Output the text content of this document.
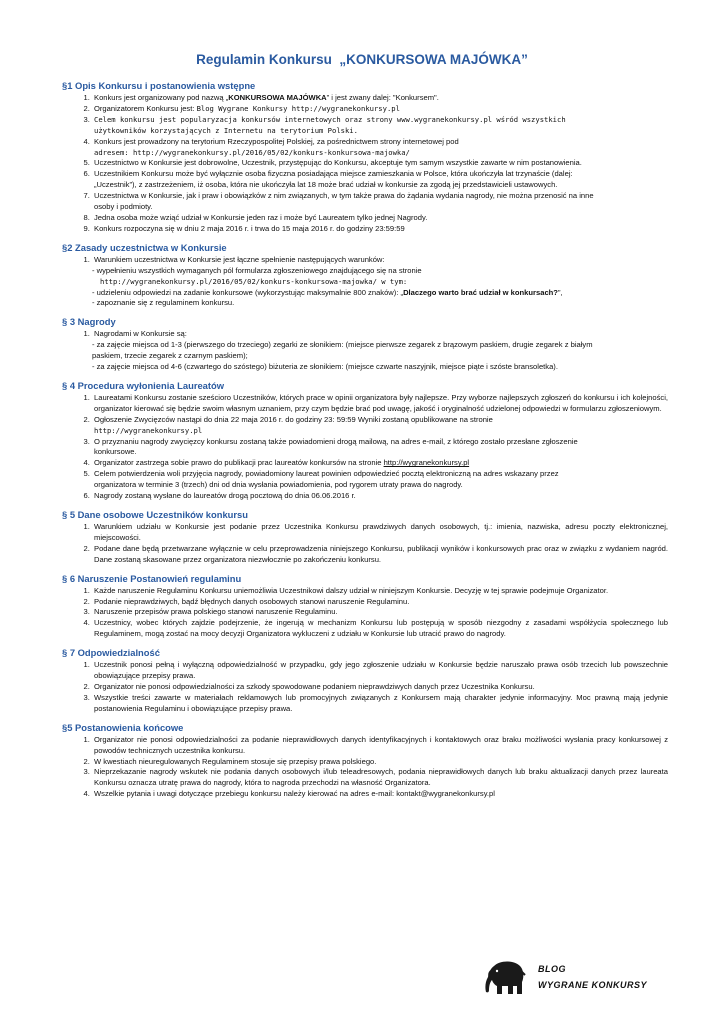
Regulamin Konkursu „KONKURSOWA MAJÓWKA”
§1 Opis Konkursu i postanowienia wstępne
1. Konkurs jest organizowany pod nazwą „KONKURSOWA MAJÓWKA” i jest zwany dalej: "Konkursem".
2. Organizatorem Konkursu jest: Blog Wygrane Konkursy http://wygranekonkursy.pl
3. Celem konkursu jest popularyzacja konkursów internetowych oraz strony www.wygranekonkursy.pl wśród wszystkich
użytkowników korzystających z Internetu na terytorium Polski.
4. Konkurs jest prowadzony na terytorium Rzeczypospolitej Polskiej, za pośrednictwem strony internetowej pod
adresem: http://wygranekonkursy.pl/2016/05/02/konkurs-konkursowa-majowka/
5. Uczestnictwo w Konkursie jest dobrowolne, Uczestnik, przystępując do Konkursu, akceptuje tym samym wszystkie zawarte w nim postanowienia.
6. Uczestnikiem Konkursu może być wyłącznie osoba fizyczna posiadająca miejsce zamieszkania w Polsce, która ukończyła lat trzynaście (dalej:
„Uczestnik”), z zastrzeżeniem, iż osoba, która nie ukończyła lat 18 może brać udział w konkursie za zgodą jej przedstawicieli ustawowych.
7. Uczestnictwa w Konkursie, jak i praw i obowiązków z nim związanych, w tym także prawa do żądania wydania nagrody, nie można przenosić na inne
osoby i podmioty.
8. Jedna osoba może wziąć udział w Konkursie jeden raz i może być Laureatem tylko jednej Nagrody.
9. Konkurs rozpoczyna się w dniu 2 maja 2016 r. i trwa do 15 maja 2016 r. do godziny 23:59:59
§2 Zasady uczestnictwa w Konkursie
1. Warunkiem uczestnictwa w Konkursie jest łączne spełnienie następujących warunków:
- wypełnieniu wszystkich wymaganych pól formularza zgłoszeniowego znajdującego się na stronie
http://wygranekonkursy.pl/2016/05/02/konkurs-konkursowa-majowka/ w tym:
- udzieleniu odpowiedzi na zadanie konkursowe (wykorzystując maksymalnie 800 znaków): „Dlaczego warto brać udział w konkursach?”,
- zapoznanie się z regulaminem konkursu.
§ 3 Nagrody
1. Nagrodami w Konkursie są:
- za zajęcie miejsca od 1-3 (pierwszego do trzeciego) zegarki ze słonikiem: (miejsce pierwsze zegarek z brązowym paskiem, drugie zegarek z białym
paskiem, trzecie zegarek z czarnym paskiem);
- za zajęcie miejsca od 4-6 (czwartego do szóstego) biżuteria ze słonikiem: (miejsce czwarte naszyjnik, miejsce piąte i szóste bransoletka).
§ 4 Procedura wyłonienia Laureatów
1. Laureatami Konkursu zostanie sześcioro Uczestników, których prace w opinii organizatora były najlepsze. Przy wyborze najlepszych zgłoszeń do konkursu i ich kolejności, organizator kierować się będzie swoim własnym uznaniem, przy czym będzie brać pod uwagę, jakość i oryginalność udzielonej odpowiedzi w formularzu zgłoszeniowym.
2. Ogłoszenie Zwycięzców nastąpi do dnia 22 maja 2016 r. do godziny 23: 59:59 Wyniki zostaną opublikowane na stronie
http://wygranekonkursy.pl
3. O przyznaniu nagrody zwycięzcy konkursu zostaną także powiadomieni drogą mailową, na adres e-mail, z którego zostało przesłane zgłoszenie
konkursowe.
4. Organizator zastrzega sobie prawo do publikacji prac laureatów konkursów na stronie http://wygranekonkursy.pl
5. Celem potwierdzenia woli przyjęcia nagrody, powiadomiony laureat powinien odpowiedzieć pocztą elektroniczną na adres wskazany przez
organizatora w terminie 3 (trzech) dni od dnia wysłania powiadomienia, pod rygorem utraty prawa do nagrody.
6. Nagrody zostaną wysłane do laureatów drogą pocztową do dnia 06.06.2016 r.
§ 5 Dane osobowe Uczestników konkursu
1. Warunkiem udziału w Konkursie jest podanie przez Uczestnika Konkursu prawdziwych danych osobowych, tj.: imienia, nazwiska, adresu poczty elektronicznej, miejscowości.
2. Podane dane będą przetwarzane wyłącznie w celu przeprowadzenia niniejszego Konkursu, publikacji wyników i konkursowych prac oraz w związku z wydaniem nagród. Dane zostaną skasowane przez organizatora niezwłocznie po zakończeniu konkursu.
§ 6 Naruszenie Postanowień regulaminu
1. Każde naruszenie Regulaminu Konkursu uniemożliwia Uczestnikowi dalszy udział w niniejszym Konkursie. Decyzję w tej sprawie podejmuje Organizator.
2. Podanie nieprawdziwych, bądź błędnych danych osobowych stanowi naruszenie Regulaminu.
3. Naruszenie przepisów prawa polskiego stanowi naruszenie Regulaminu.
4. Uczestnicy, wobec których zajdzie podejrzenie, że ingerują w mechanizm Konkursu lub postępują w sposób niezgodny z zasadami współżycia społecznego lub Regulaminem, mogą zostać na mocy decyzji Organizatora wykluczeni z udziału w Konkursie lub utracić prawo do nagrody.
§ 7 Odpowiedzialność
1. Uczestnik ponosi pełną i wyłączną odpowiedzialność w przypadku, gdy jego zgłoszenie udziału w Konkursie będzie naruszało prawa osób trzecich lub powszechnie obowiązujące przepisy prawa.
2. Organizator nie ponosi odpowiedzialności za szkody spowodowane podaniem nieprawdziwych danych przez Uczestnika Konkursu.
3. Wszystkie treści zawarte w materiałach reklamowych lub promocyjnych związanych z Konkursem mają charakter jedynie informacyjny. Moc prawną mają jedynie postanowienia Regulaminu i obowiązujące przepisy prawa.
§5 Postanowienia końcowe
1. Organizator nie ponosi odpowiedzialności za podanie nieprawidłowych danych identyfikacyjnych i kontaktowych oraz braku możliwości wysłania pracy konkursowej z powodów technicznych uczestnika konkursu.
2. W kwestiach nieuregulowanych Regulaminem stosuje się przepisy prawa polskiego.
3. Nieprzekazanie nagrody wskutek nie podania danych osobowych i/lub teleadresowych, podania nieprawidłowych danych lub braku aktualizacji danych przez laureata Konkursu oznacza utratę prawa do nagrody, która to nagroda przechodzi na własność Organizatora.
4. Wszelkie pytania i uwagi dotyczące przebiegu konkursu należy kierować na adres e-mail: kontakt@wygranekonkursy.pl
BLOG
WYGRANE KONKURSY
